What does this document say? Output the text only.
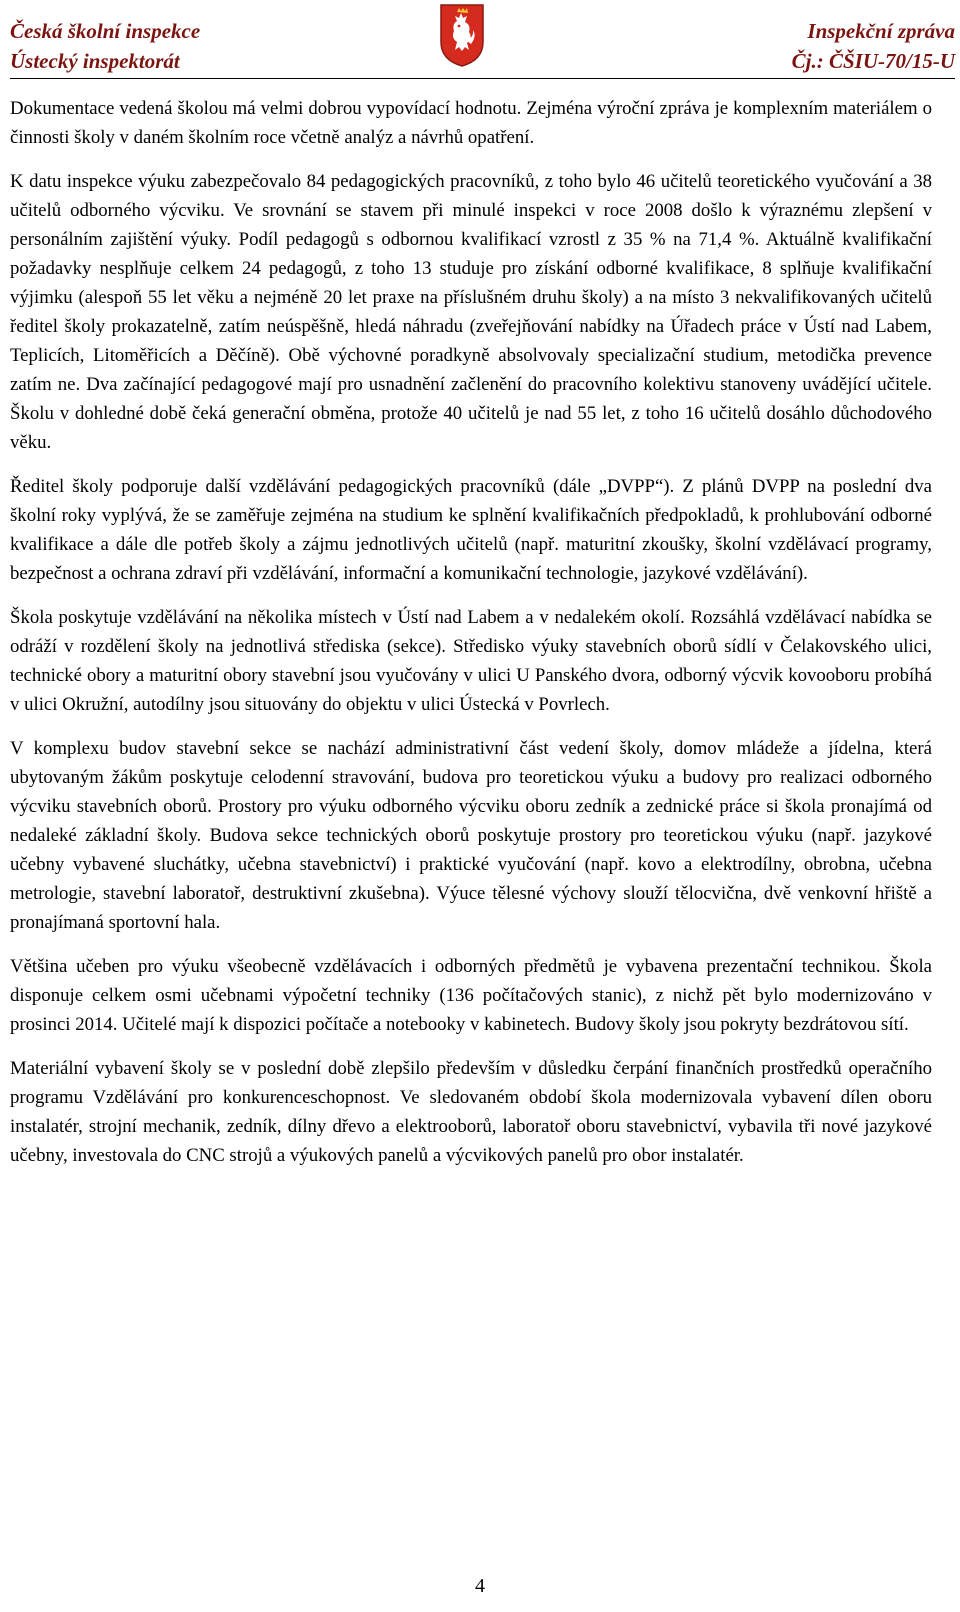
Česká školní inspekce
Ústecký inspektorát
Inspekční zpráva
Čj.: ČŠIU-70/15-U

Dokumentace vedená školou má velmi dobrou vypovídací hodnotu. Zejména výroční zpráva je komplexním materiálem o činnosti školy v daném školním roce včetně analýz a návrhů opatření.

K datu inspekce výuku zabezpečovalo 84 pedagogických pracovníků, z toho bylo 46 učitelů teoretického vyučování a 38 učitelů odborného výcviku. Ve srovnání se stavem při minulé inspekci v roce 2008 došlo k výraznému zlepšení v personálním zajištění výuky. Podíl pedagogů s odbornou kvalifikací vzrostl z 35 % na 71,4 %. Aktuálně kvalifikační požadavky nesplňuje celkem 24 pedagogů, z toho 13 studuje pro získání odborné kvalifikace, 8 splňuje kvalifikační výjimku (alespoň 55 let věku a nejméně 20 let praxe na příslušném druhu školy) a na místo 3 nekvalifikovaných učitelů ředitel školy prokazatelně, zatím neúspěšně, hledá náhradu (zveřejňování nabídky na Úřadech práce v Ústí nad Labem, Teplicích, Litoměřicích a Děčíně). Obě výchovné poradkyně absolvovaly specializační studium, metodička prevence zatím ne. Dva začínající pedagogové mají pro usnadnění začlenění do pracovního kolektivu stanoveny uvádějící učitele. Školu v dohledné době čeká generační obměna, protože 40 učitelů je nad 55 let, z toho 16 učitelů dosáhlo důchodového věku.

Ředitel školy podporuje další vzdělávání pedagogických pracovníků (dále „DVPP“). Z plánů DVPP na poslední dva školní roky vyplývá, že se zaměřuje zejména na studium ke splnění kvalifikačních předpokladů, k prohlubování odborné kvalifikace a dále dle potřeb školy a zájmu jednotlivých učitelů (např. maturitní zkoušky, školní vzdělávací programy, bezpečnost a ochrana zdraví při vzdělávání, informační a komunikační technologie, jazykové vzdělávání).

Škola poskytuje vzdělávání na několika místech v Ústí nad Labem a v nedalekém okolí. Rozsáhlá vzdělávací nabídka se odráží v rozdělení školy na jednotlivá střediska (sekce). Středisko výuky stavebních oborů sídlí v Čelakovského ulici, technické obory a maturitní obory stavební jsou vyučovány v ulici U Panského dvora, odborný výcvik kovooboru probíhá v ulici Okružní, autodílny jsou situovány do objektu v ulici Ústecká v Povrlech.

V komplexu budov stavební sekce se nachází administrativní část vedení školy, domov mládeže a jídelna, která ubytovaným žákům poskytuje celodenní stravování, budova pro teoretickou výuku a budovy pro realizaci odborného výcviku stavebních oborů. Prostory pro výuku odborného výcviku oboru zedník a zednické práce si škola pronajímá od nedaleké základní školy. Budova sekce technických oborů poskytuje prostory pro teoretickou výuku (např. jazykové učebny vybavené sluchátky, učebna stavebnictví) i praktické vyučování (např. kovo a elektrodílny, obrobna, učebna metrologie, stavební laboratoř, destruktivní zkušebna). Výuce tělesné výchovy slouží tělocvična, dvě venkovní hřiště a pronajímaná sportovní hala.

Většina učeben pro výuku všeobecně vzdělávacích i odborných předmětů je vybavena prezentační technikou. Škola disponuje celkem osmi učebnami výpočetní techniky (136 počítačových stanic), z nichž pět bylo modernizováno v prosinci 2014. Učitelé mají k dispozici počítače a notebooky v kabinetech. Budovy školy jsou pokryty bezdrátovou sítí.

Materiální vybavení školy se v poslední době zlepšilo především v důsledku čerpání finančních prostředků operačního programu Vzdělávání pro konkurenceschopnost. Ve sledovaném období škola modernizovala vybavení dílen oboru instalatér, strojní mechanik, zedník, dílny dřevo a elektrooborů, laboratoř oboru stavebnictví, vybavila tři nové jazykové učebny, investovala do CNC strojů a výukových panelů a výcvikových panelů pro obor instalatér.

4
